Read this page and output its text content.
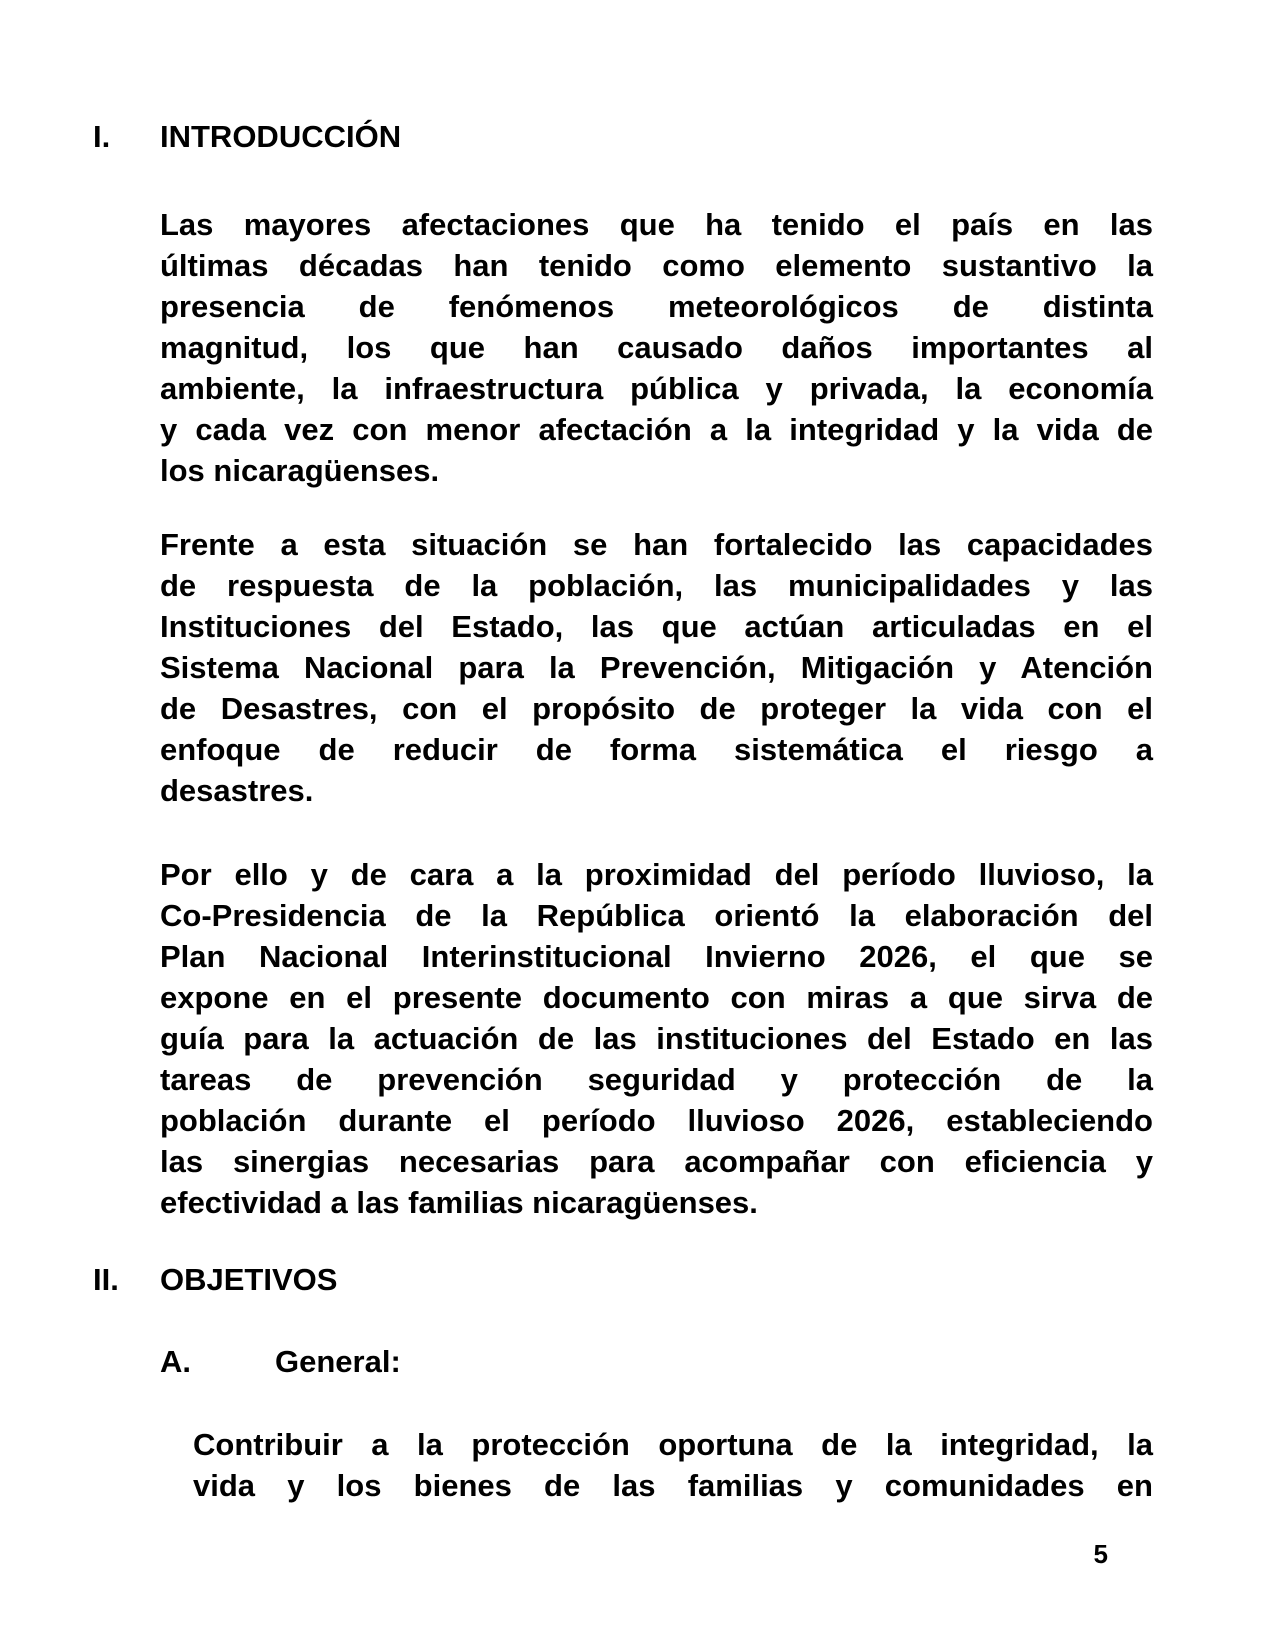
I. INTRODUCCIÓN
Las mayores afectaciones que ha tenido el país en las
últimas décadas han tenido como elemento sustantivo la
presencia de fenómenos meteorológicos de distinta
magnitud, los que han causado daños importantes al
ambiente, la infraestructura pública y privada, la economía
y cada vez con menor afectación a la integridad y la vida de
los nicaragüenses.
Frente a esta situación se han fortalecido las capacidades
de respuesta de la población, las municipalidades y las
Instituciones del Estado, las que actúan articuladas en el
Sistema Nacional para la Prevención, Mitigación y Atención
de Desastres, con el propósito de proteger la vida con el
enfoque de reducir de forma sistemática el riesgo a
desastres.
Por ello y de cara a la proximidad del período lluvioso, la
Co-Presidencia de la República orientó la elaboración del
Plan Nacional Interinstitucional Invierno 2026, el que se
expone en el presente documento con miras a que sirva de
guía para la actuación de las instituciones del Estado en las
tareas de prevención seguridad y protección de la
población durante el período lluvioso 2026, estableciendo
las sinergias necesarias para acompañar con eficiencia y
efectividad a las familias nicaragüenses.
II. OBJETIVOS
A.	General:
Contribuir a la protección oportuna de la integridad, la
vida y los bienes de las familias y comunidades en
5
